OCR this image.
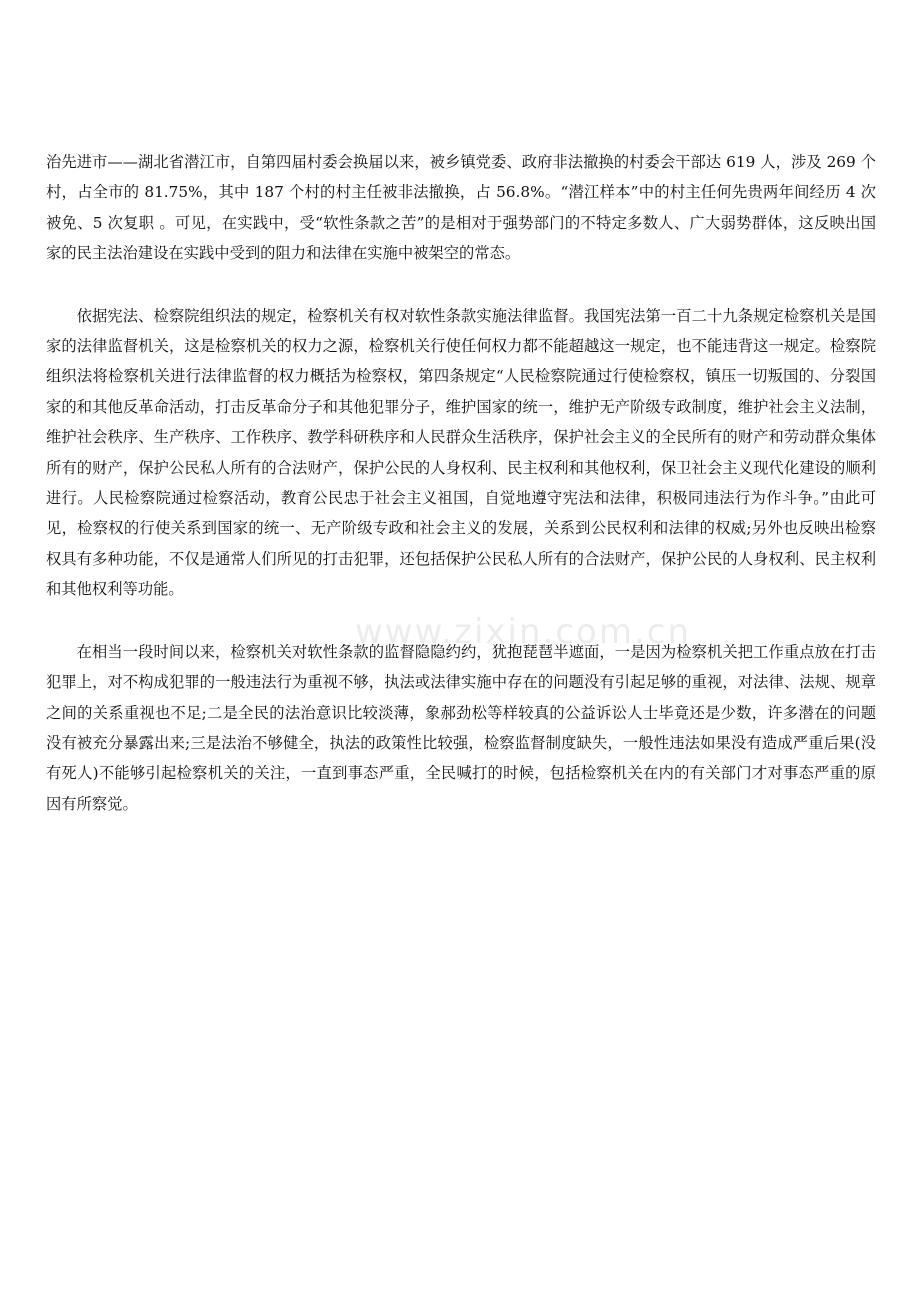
治先进市——湖北省潜江市，自第四届村委会换届以来，被乡镇党委、政府非法撤换的村委会干部达 619 人，涉及 269 个村，占全市的 81.75%，其中 187 个村的村主任被非法撤换，占 56.8%。“潜江样本”中的村主任何先贵两年间经历 4 次被免、5 次复职 。可见，在实践中，受“软性条款之苦”的是相对于强势部门的不特定多数人、广大弱势群体，这反映出国家的民主法治建设在实践中受到的阻力和法律在实施中被架空的常态。

依据宪法、检察院组织法的规定，检察机关有权对软性条款实施法律监督。我国宪法第一百二十九条规定检察机关是国家的法律监督机关，这是检察机关的权力之源，检察机关行使任何权力都不能超越这一规定，也不能违背这一规定。检察院组织法将检察机关进行法律监督的权力概括为检察权，第四条规定“人民检察院通过行使检察权，镇压一切叛国的、分裂国家的和其他反革命活动，打击反革命分子和其他犯罪分子，维护国家的统一，维护无产阶级专政制度，维护社会主义法制，维护社会秩序、生产秩序、工作秩序、教学科研秩序和人民群众生活秩序，保护社会主义的全民所有的财产和劳动群众集体所有的财产，保护公民私人所有的合法财产，保护公民的人身权利、民主权利和其他权利，保卫社会主义现代化建设的顺利进行。人民检察院通过检察活动，教育公民忠于社会主义祖国，自觉地遵守宪法和法律，积极同违法行为作斗争。”由此可见，检察权的行使关系到国家的统一、无产阶级专政和社会主义的发展，关系到公民权利和法律的权威;另外也反映出检察权具有多种功能，不仅是通常人们所见的打击犯罪，还包括保护公民私人所有的合法财产，保护公民的人身权利、民主权利和其他权利等功能。

在相当一段时间以来，检察机关对软性条款的监督隐隐约约，犹抱琵琶半遮面，一是因为检察机关把工作重点放在打击犯罪上，对不构成犯罪的一般违法行为重视不够，执法或法律实施中存在的问题没有引起足够的重视，对法律、法规、规章之间的关系重视也不足;二是全民的法治意识比较淡薄，象郝劲松等样较真的公益诉讼人士毕竟还是少数，许多潜在的问题没有被充分暴露出来;三是法治不够健全，执法的政策性比较强，检察监督制度缺失，一般性违法如果没有造成严重后果(没有死人)不能够引起检察机关的关注，一直到事态严重，全民喊打的时候，包括检察机关在内的有关部门才对事态严重的原因有所察觉。

www.zixin.com.cn
